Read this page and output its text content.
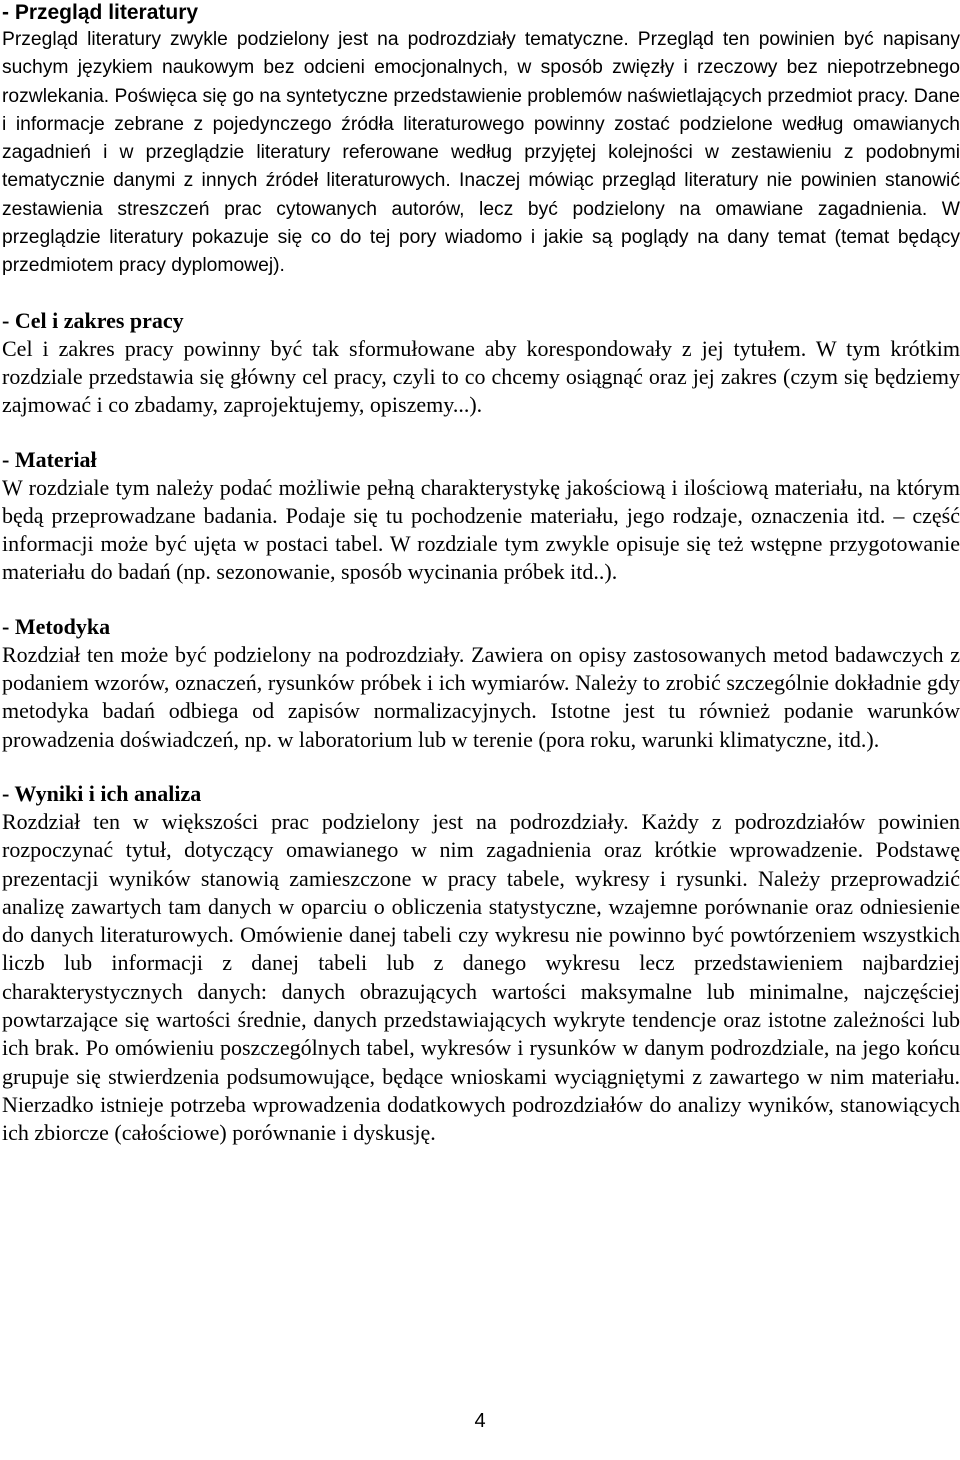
- Przegląd literatury

Przegląd literatury zwykle podzielony jest na podrozdziały tematyczne. Przegląd ten powinien być napisany suchym językiem naukowym bez odcieni emocjonalnych, w sposób zwięzły i rzeczowy bez niepotrzebnego rozwlekania. Poświęca się go na syntetyczne przedstawienie problemów naświetlających przedmiot pracy. Dane i informacje zebrane z pojedynczego źródła literaturowego powinny zostać podzielone według omawianych zagadnień i w przeglądzie literatury referowane według przyjętej kolejności w zestawieniu z podobnymi tematycznie danymi z innych źródeł literaturowych. Inaczej mówiąc przegląd literatury nie powinien stanowić zestawienia streszczeń prac cytowanych autorów, lecz być podzielony na omawiane zagadnienia. W przeglądzie literatury pokazuje się co do tej pory wiadomo i jakie są poglądy na dany temat (temat będący przedmiotem pracy dyplomowej).

- Cel i zakres pracy

Cel i zakres pracy powinny być tak sformułowane aby korespondowały z jej tytułem. W tym krótkim rozdziale przedstawia się główny cel pracy, czyli to co chcemy osiągnąć oraz jej zakres (czym się będziemy zajmować i co zbadamy, zaprojektujemy, opiszemy...).

- Materiał

W rozdziale tym należy podać możliwie pełną charakterystykę jakościową i ilościową materiału, na którym będą przeprowadzane badania. Podaje się tu pochodzenie materiału, jego rodzaje, oznaczenia itd. – część informacji może być ujęta w postaci tabel. W rozdziale tym zwykle opisuje się też wstępne przygotowanie materiału do badań (np. sezonowanie, sposób wycinania próbek itd..).

- Metodyka

Rozdział ten może być podzielony na podrozdziały. Zawiera on opisy zastosowanych metod badawczych z podaniem wzorów, oznaczeń, rysunków próbek i ich wymiarów. Należy to zrobić szczególnie dokładnie gdy metodyka badań odbiega od zapisów normalizacyjnych. Istotne jest tu również podanie warunków prowadzenia doświadczeń, np. w laboratorium lub w terenie (pora roku, warunki klimatyczne, itd.).

- Wyniki i ich analiza

Rozdział ten w większości prac podzielony jest na podrozdziały. Każdy z podrozdziałów powinien rozpoczynać tytuł, dotyczący omawianego w nim zagadnienia oraz krótkie wprowadzenie. Podstawę prezentacji wyników stanowią zamieszczone w pracy tabele, wykresy i rysunki. Należy przeprowadzić analizę zawartych tam danych w oparciu o obliczenia statystyczne, wzajemne porównanie oraz odniesienie do danych literaturowych. Omówienie danej tabeli czy wykresu nie powinno być powtórzeniem wszystkich liczb lub informacji z danej tabeli lub z danego wykresu lecz przedstawieniem najbardziej charakterystycznych danych: danych obrazujących wartości maksymalne lub minimalne, najczęściej powtarzające się wartości średnie, danych przedstawiających wykryte tendencje oraz istotne zależności lub ich brak. Po omówieniu poszczególnych tabel, wykresów i rysunków w danym podrozdziale, na jego końcu grupuje się stwierdzenia podsumowujące, będące wnioskami wyciągniętymi z zawartego w nim materiału. Nierzadko istnieje potrzeba wprowadzenia dodatkowych podrozdziałów do analizy wyników, stanowiących ich zbiorcze (całościowe) porównanie i dyskusję.

4
